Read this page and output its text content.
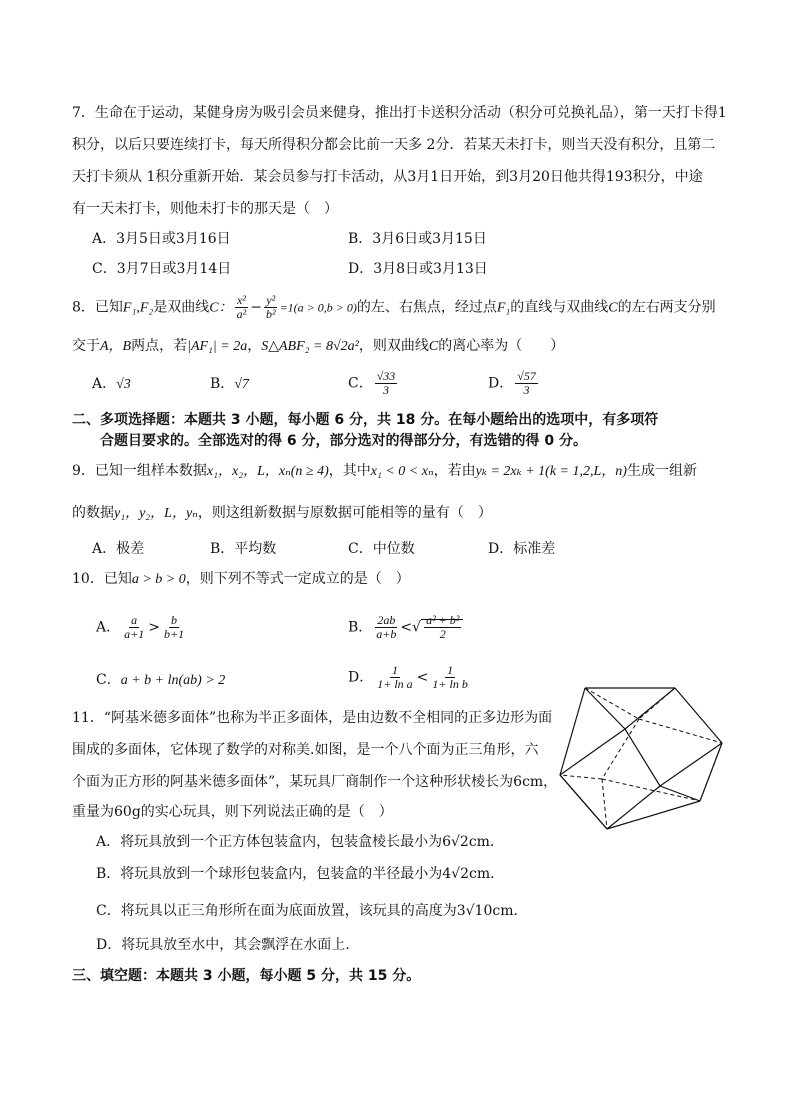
7．生命在于运动，某健身房为吸引会员来健身，推出打卡送积分活动（积分可兑换礼品），第一天打卡得1
积分，以后只要连续打卡，每天所得积分都会比前一天多 2分．若某天未打卡，则当天没有积分，且第二
天打卡须从 1积分重新开始．某会员参与打卡活动，从3月1日开始，到3月20日他共得193积分，中途
有一天未打卡，则他未打卡的那天是（　）
A．3月5日或3月16日	B．3月6日或3月15日
C．3月7日或3月14日	D．3月8日或3月13日
8．已知F₁,F₂是双曲线C： $\frac{\text{x²}}{\text{a²}} - \frac{\text{y²}}{\text{b²}} =1(a > 0,b > 0)$的左、右焦点，经过点F₁的直线与双曲线C的左右两支分别
交于A，B两点，若|AF₁| = 2a，S△ABF₂ = 8√2a²，则双曲线C的离心率为（　　）
A．√3	B．√7	C． $\frac{√33}{3}$	D． $\frac{√57}{3}$
二、多项选择题：本题共 3 小题，每小题 6 分，共 18 分。在每小题给出的选项中，有多项符
合题目要求的。全部选对的得 6 分，部分选对的得部分分，有选错的得 0 分。
9．已知一组样本数据x₁，x₂，L，xₙ(n ≥ 4)，其中x₁ < 0 < xₙ，若由yₖ = 2xₖ + 1(k = 1,2,L，n)生成一组新
的数据y₁，y₂，L，yₙ，则这组新数据与原数据可能相等的量有（　）
A．极差	B．平均数	C．中位数	D．标准差
10．已知a > b > 0，则下列不等式一定成立的是（　）
A． $\frac{a}{a+1} > \frac{b}{b+1}$	B． $\frac{2ab}{a+b}$ <√ $\frac{\text{a² + b²}}{2}$
C．a + b + ln(ab) > 2	D． $\frac{1}{\text{1+ ln a}} < \frac{1}{\text{1+ ln b}}$
11．“阿基米德多面体”也称为半正多面体，是由边数不全相同的正多边形为面
围成的多面体，它体现了数学的对称美.如图，是一个八个面为正三角形，六
个面为正方形的阿基米德多面体”，某玩具厂商制作一个这种形状棱长为6cm，
重量为60g的实心玩具，则下列说法正确的是（　）
A．将玩具放到一个正方体包装盒内，包装盒棱长最小为6√2cm．
B．将玩具放到一个球形包装盒内，包装盒的半径最小为4√2cm．
C．将玩具以正三角形所在面为底面放置，该玩具的高度为3√10cm．
D．将玩具放至水中，其会飘浮在水面上.
三、填空题：本题共 3 小题，每小题 5 分，共 15 分。
